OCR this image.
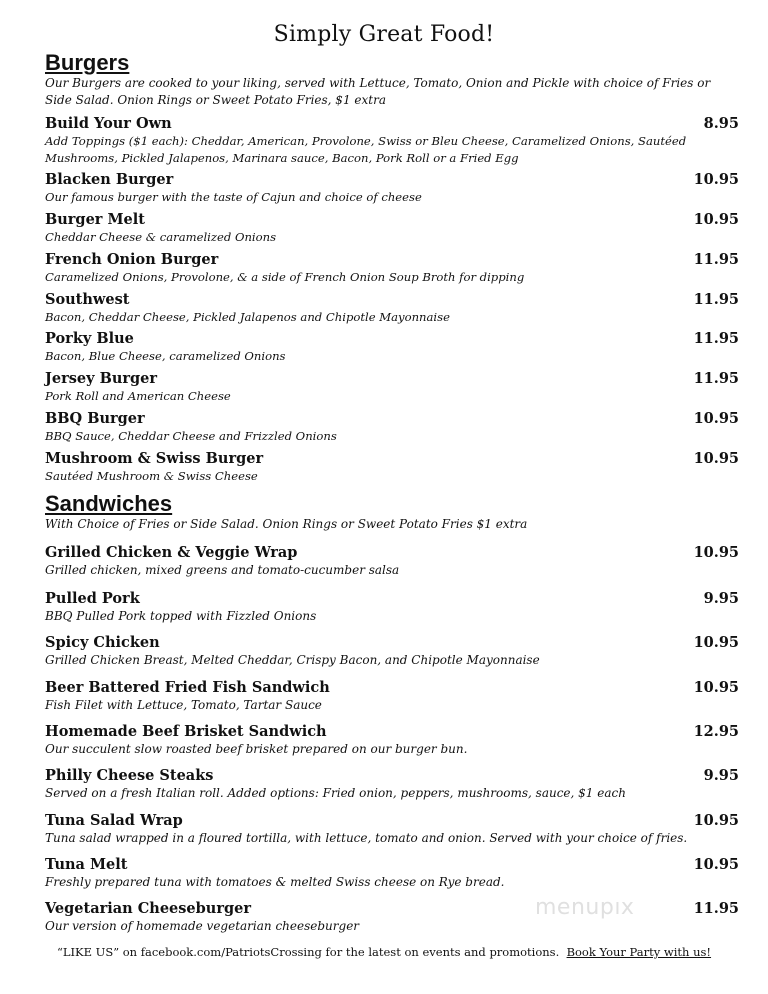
Simply Great Food!
Burgers
Our Burgers are cooked to your liking, served with Lettuce, Tomato, Onion and Pickle with choice of Fries or Side Salad. Onion Rings or Sweet Potato Fries, $1 extra
Build Your Own	8.95
Add Toppings ($1 each): Cheddar, American, Provolone, Swiss or Bleu Cheese, Caramelized Onions, Sautéed Mushrooms, Pickled Jalapenos, Marinara sauce, Bacon, Pork Roll or a Fried Egg
Blacken Burger	10.95
Our famous burger with the taste of Cajun and choice of cheese
Burger Melt	10.95
Cheddar Cheese & caramelized Onions
French Onion Burger	11.95
Caramelized Onions, Provolone, & a side of French Onion Soup Broth for dipping
Southwest	11.95
Bacon, Cheddar Cheese, Pickled Jalapenos and Chipotle Mayonnaise
Porky Blue	11.95
Bacon, Blue Cheese, caramelized Onions
Jersey Burger	11.95
Pork Roll and American Cheese
BBQ Burger	10.95
BBQ Sauce, Cheddar Cheese and Frizzled Onions
Mushroom & Swiss Burger	10.95
Sautéed Mushroom & Swiss Cheese
Sandwiches
With Choice of Fries or Side Salad. Onion Rings or Sweet Potato Fries $1 extra
Grilled Chicken & Veggie Wrap	10.95
Grilled chicken, mixed greens and tomato-cucumber salsa
Pulled Pork	9.95
BBQ Pulled Pork topped with Fizzled Onions
Spicy Chicken	10.95
Grilled Chicken Breast, Melted Cheddar, Crispy Bacon, and Chipotle Mayonnaise
Beer Battered Fried Fish Sandwich	10.95
Fish Filet with Lettuce, Tomato, Tartar Sauce
Homemade Beef Brisket Sandwich	12.95
Our succulent slow roasted beef brisket prepared on our burger bun.
Philly Cheese Steaks	9.95
Served on a fresh Italian roll. Added options: Fried onion, peppers, mushrooms, sauce, $1 each
Tuna Salad Wrap	10.95
Tuna salad wrapped in a floured tortilla, with lettuce, tomato and onion. Served with your choice of fries.
Tuna Melt	10.95
Freshly prepared tuna with tomatoes & melted Swiss cheese on Rye bread.
Vegetarian Cheeseburger	11.95
Our version of homemade vegetarian cheeseburger
menupıx
“LIKE US” on facebook.com/PatriotsCrossing for the latest on events and promotions. Book Your Party with us!
